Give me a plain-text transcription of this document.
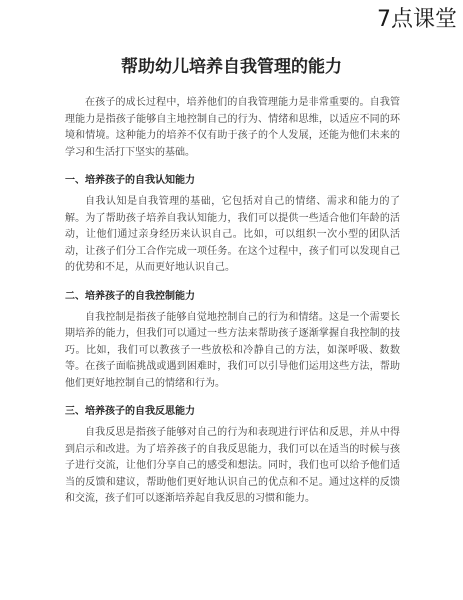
7点课堂
帮助幼儿培养自我管理的能力

在孩子的成长过程中，培养他们的自我管理能力是非常重要的。自我管理能力是指孩子能够自主地控制自己的行为、情绪和思维，以适应不同的环境和情境。这种能力的培养不仅有助于孩子的个人发展，还能为他们未来的学习和生活打下坚实的基础。

一、培养孩子的自我认知能力

自我认知是自我管理的基础，它包括对自己的情绪、需求和能力的了解。为了帮助孩子培养自我认知能力，我们可以提供一些适合他们年龄的活动，让他们通过亲身经历来认识自己。比如，可以组织一次小型的团队活动，让孩子们分工合作完成一项任务。在这个过程中，孩子们可以发现自己的优势和不足，从而更好地认识自己。

二、培养孩子的自我控制能力

自我控制是指孩子能够自觉地控制自己的行为和情绪。这是一个需要长期培养的能力，但我们可以通过一些方法来帮助孩子逐渐掌握自我控制的技巧。比如，我们可以教孩子一些放松和冷静自己的方法，如深呼吸、数数等。在孩子面临挑战或遇到困难时，我们可以引导他们运用这些方法，帮助他们更好地控制自己的情绪和行为。

三、培养孩子的自我反思能力

自我反思是指孩子能够对自己的行为和表现进行评估和反思，并从中得到启示和改进。为了培养孩子的自我反思能力，我们可以在适当的时候与孩子进行交流，让他们分享自己的感受和想法。同时，我们也可以给予他们适当的反馈和建议，帮助他们更好地认识自己的优点和不足。通过这样的反馈和交流，孩子们可以逐渐培养起自我反思的习惯和能力。
